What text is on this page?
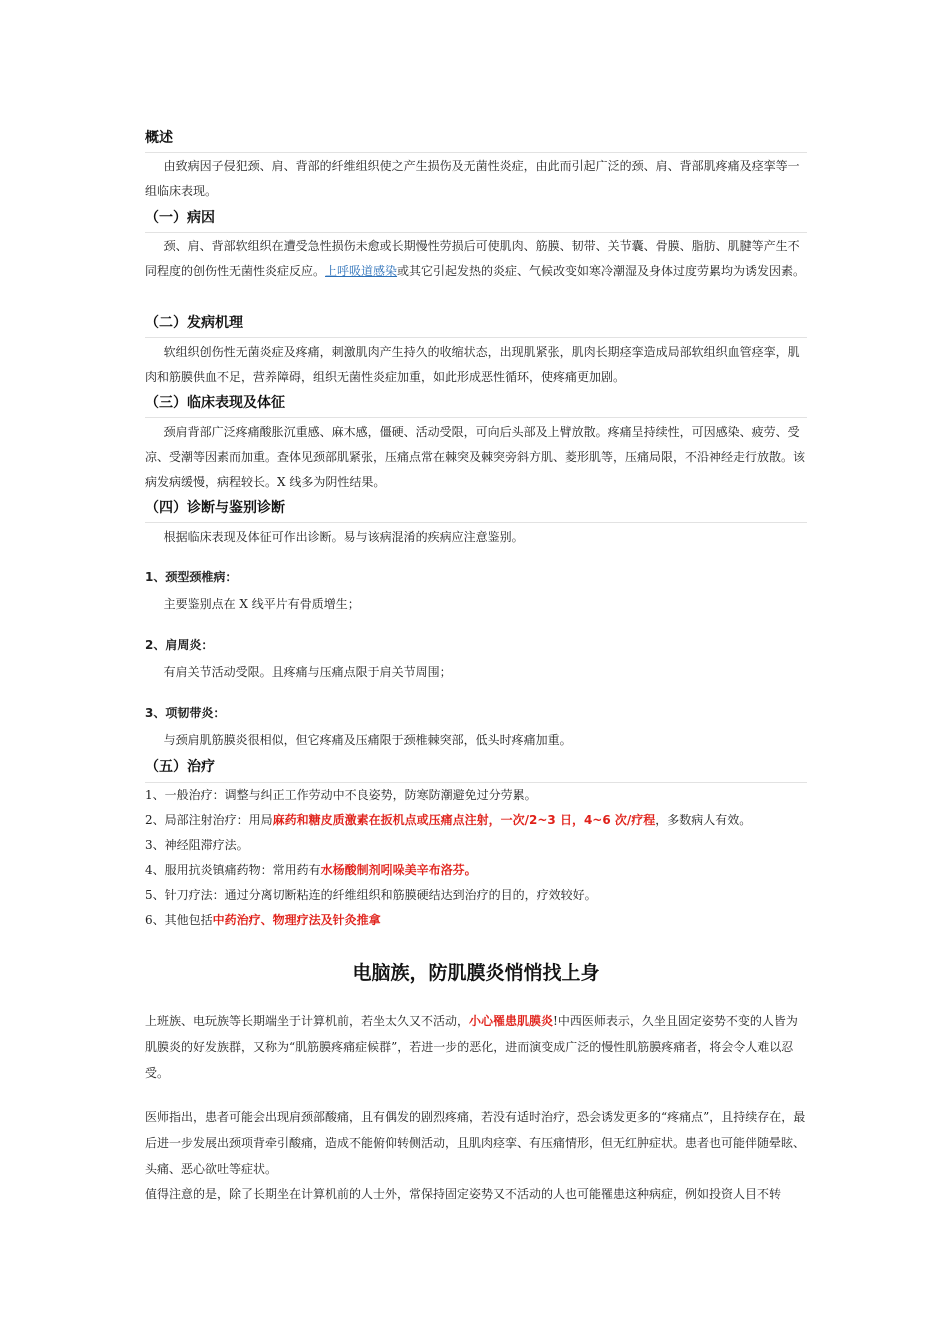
概述
由致病因子侵犯颈、肩、背部的纤维组织使之产生损伤及无菌性炎症，由此而引起广泛的颈、肩、背部肌疼痛及痉挛等一组临床表现。
（一）病因
颈、肩、背部软组织在遭受急性损伤未愈或长期慢性劳损后可使肌肉、筋膜、韧带、关节囊、骨膜、脂肪、肌腱等产生不同程度的创伤性无菌性炎症反应。上呼吸道感染或其它引起发热的炎症、气候改变如寒冷潮湿及身体过度劳累均为诱发因素。
（二）发病机理
软组织创伤性无菌炎症及疼痛，刺激肌肉产生持久的收缩状态，出现肌紧张，肌肉长期痉挛造成局部软组织血管痉挛，肌肉和筋膜供血不足，营养障碍，组织无菌性炎症加重，如此形成恶性循环，使疼痛更加剧。
（三）临床表现及体征
颈肩背部广泛疼痛酸胀沉重感、麻木感，僵硬、活动受限，可向后头部及上臂放散。疼痛呈持续性，可因感染、疲劳、受凉、受潮等因素而加重。查体见颈部肌紧张，压痛点常在棘突及棘突旁斜方肌、菱形肌等，压痛局限，不沿神经走行放散。该病发病缓慢，病程较长。X 线多为阴性结果。
（四）诊断与鉴别诊断
根据临床表现及体征可作出诊断。易与该病混淆的疾病应注意鉴别。
1、颈型颈椎病：
主要鉴别点在 X 线平片有骨质增生；
2、肩周炎：
有肩关节活动受限。且疼痛与压痛点限于肩关节周围；
3、项韧带炎：
与颈肩肌筋膜炎很相似，但它疼痛及压痛限于颈椎棘突部，低头时疼痛加重。
（五）治疗
1、一般治疗：调整与纠正工作劳动中不良姿势，防寒防潮避免过分劳累。
2、局部注射治疗：用局麻药和糖皮质激素在扳机点或压痛点注射，一次/2~3 日，4~6 次/疗程，多数病人有效。
3、神经阻滞疗法。
4、服用抗炎镇痛药物：常用药有水杨酸制剂吲哚美辛布洛芬。
5、针刀疗法：通过分离切断粘连的纤维组织和筋膜硬结达到治疗的目的，疗效较好。
6、其他包括中药治疗、物理疗法及针灸推拿
电脑族，防肌膜炎悄悄找上身
上班族、电玩族等长期端坐于计算机前，若坐太久又不活动，小心罹患肌膜炎!中西医师表示，久坐且固定姿势不变的人皆为肌膜炎的好发族群，又称为“肌筋膜疼痛症候群”，若进一步的恶化，进而演变成广泛的慢性肌筋膜疼痛者，将会令人难以忍受。
医师指出，患者可能会出现肩颈部酸痛，且有偶发的剧烈疼痛，若没有适时治疗，恐会诱发更多的“疼痛点”，且持续存在，最后进一步发展出颈项背牵引酸痛，造成不能俯仰转侧活动，且肌肉痉挛、有压痛情形，但无红肿症状。患者也可能伴随晕眩、头痛、恶心欲吐等症状。
值得注意的是，除了长期坐在计算机前的人士外，常保持固定姿势又不活动的人也可能罹患这种病症，例如投资人目不转
